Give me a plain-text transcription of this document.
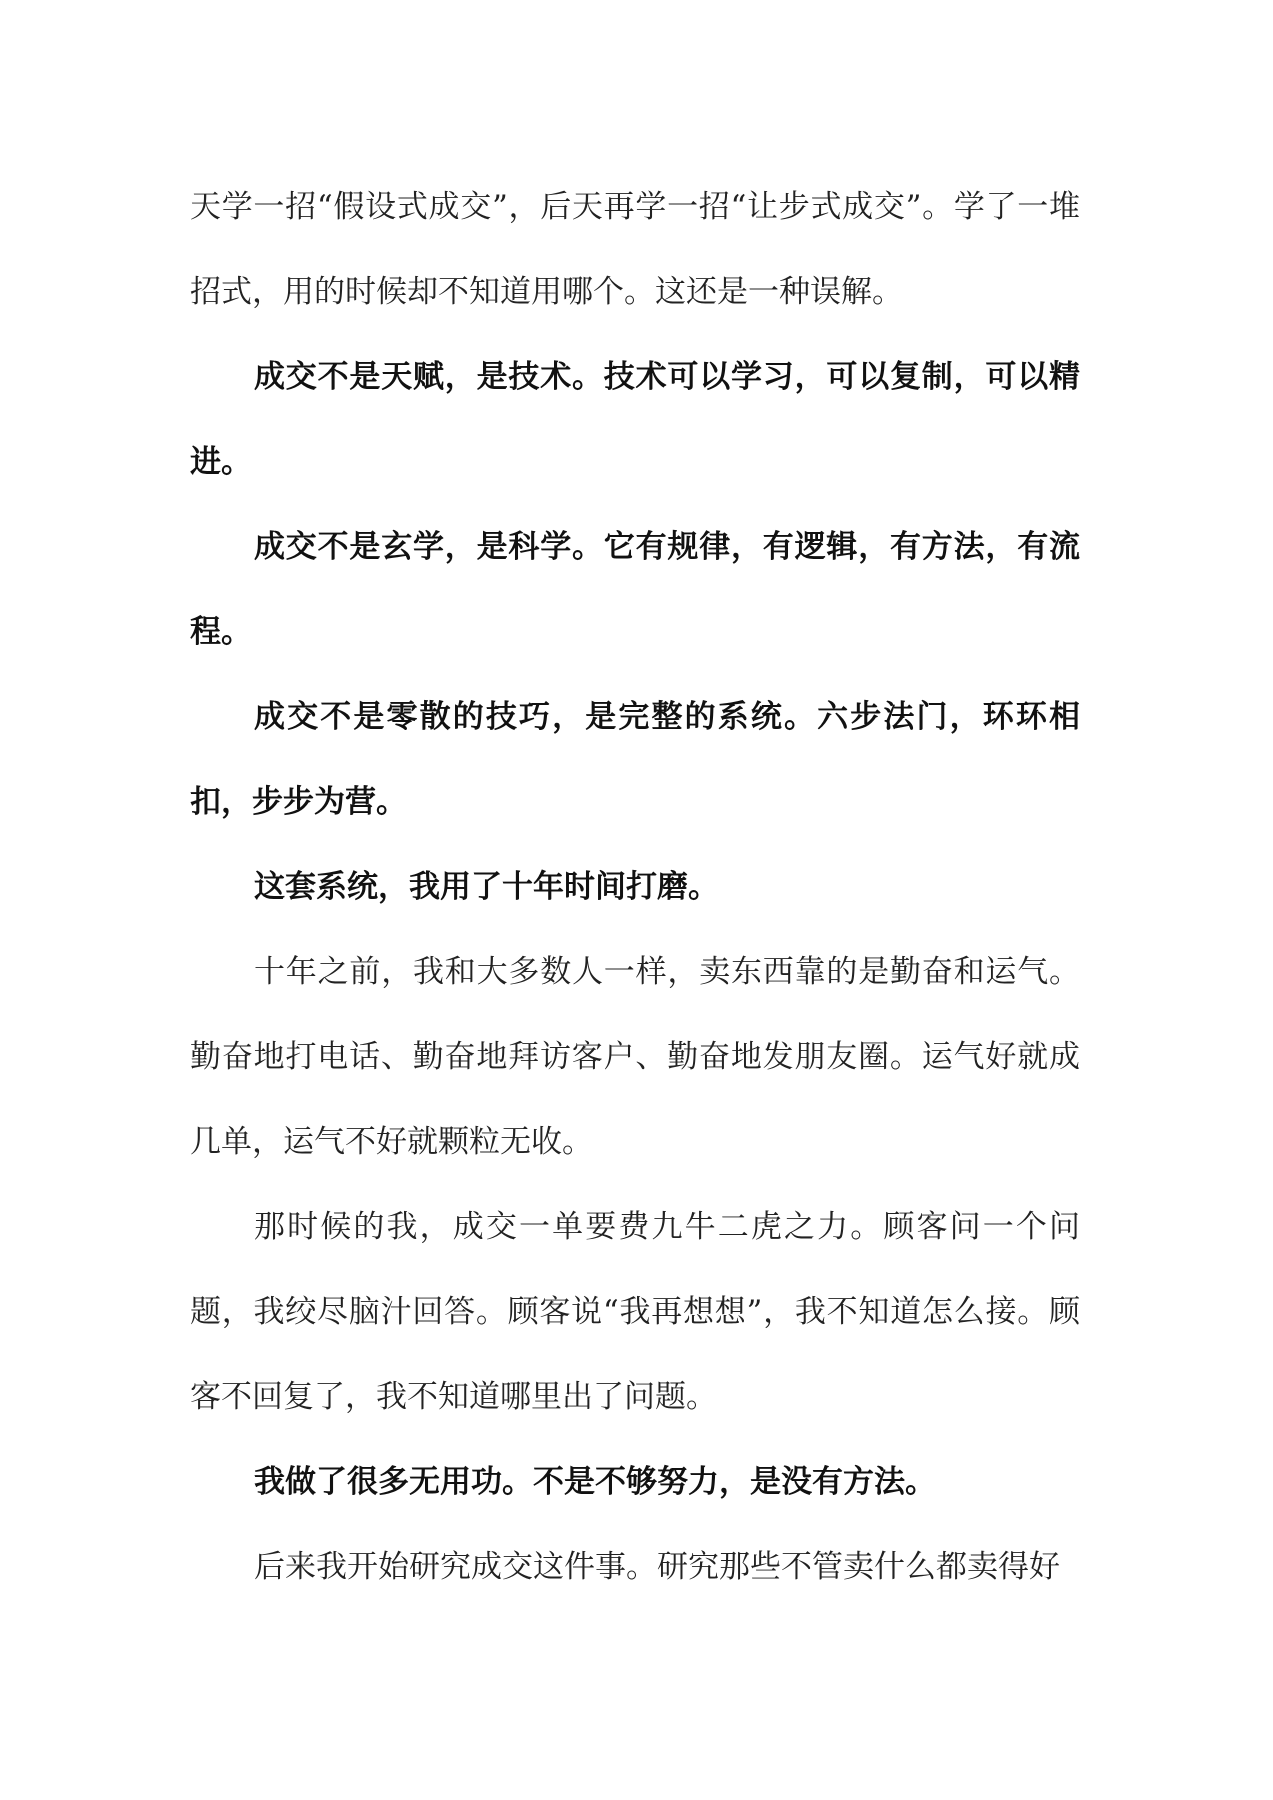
天学一招“假设式成交”，后天再学一招“让步式成交”。学了一堆招式，用的时候却不知道用哪个。这还是一种误解。

成交不是天赋，是技术。技术可以学习，可以复制，可以精进。

成交不是玄学，是科学。它有规律，有逻辑，有方法，有流程。

成交不是零散的技巧，是完整的系统。六步法门，环环相扣，步步为营。

这套系统，我用了十年时间打磨。

十年之前，我和大多数人一样，卖东西靠的是勤奋和运气。勤奋地打电话、勤奋地拜访客户、勤奋地发朋友圈。运气好就成几单，运气不好就颗粒无收。

那时候的我，成交一单要费九牛二虎之力。顾客问一个问题，我绞尽脑汁回答。顾客说“我再想想”，我不知道怎么接。顾客不回复了，我不知道哪里出了问题。

我做了很多无用功。不是不够努力，是没有方法。

后来我开始研究成交这件事。研究那些不管卖什么都卖得好
